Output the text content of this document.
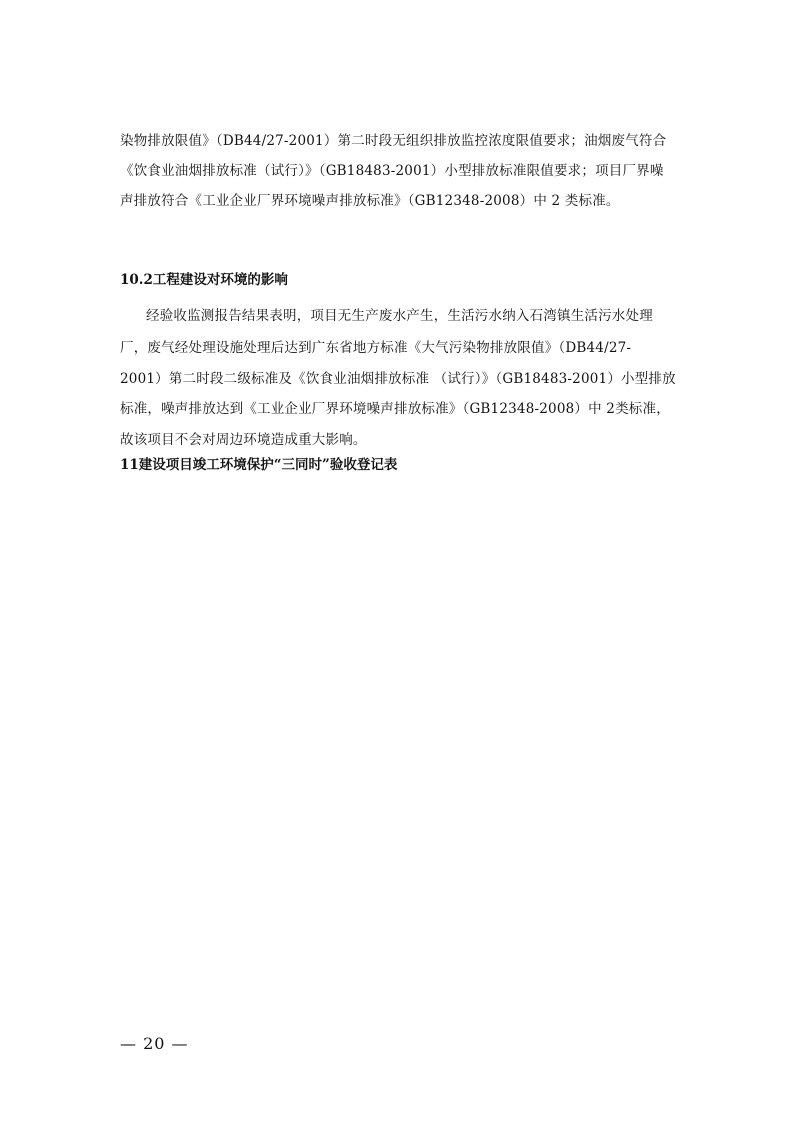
染物排放限值》（DB44/27-2001）第二时段无组织排放监控浓度限值要求；油烟废气符合
《饮食业油烟排放标准（试行）》（GB18483-2001）小型排放标准限值要求；项目厂界噪
声排放符合《工业企业厂界环境噪声排放标准》（GB12348-2008）中 2 类标准。
10.2工程建设对环境的影响
经验收监测报告结果表明，项目无生产废水产生，生活污水纳入石湾镇生活污水处理
厂，废气经处理设施处理后达到广东省地方标准《大气污染物排放限值》（DB44/27-
2001）第二时段二级标准及《饮食业油烟排放标准 （试行）》（GB18483-2001）小型排放
标准，噪声排放达到《工业企业厂界环境噪声排放标准》（GB12348-2008）中 2类标准，
故该项目不会对周边环境造成重大影响。
11建设项目竣工环境保护“三同时”验收登记表
— 20 —
